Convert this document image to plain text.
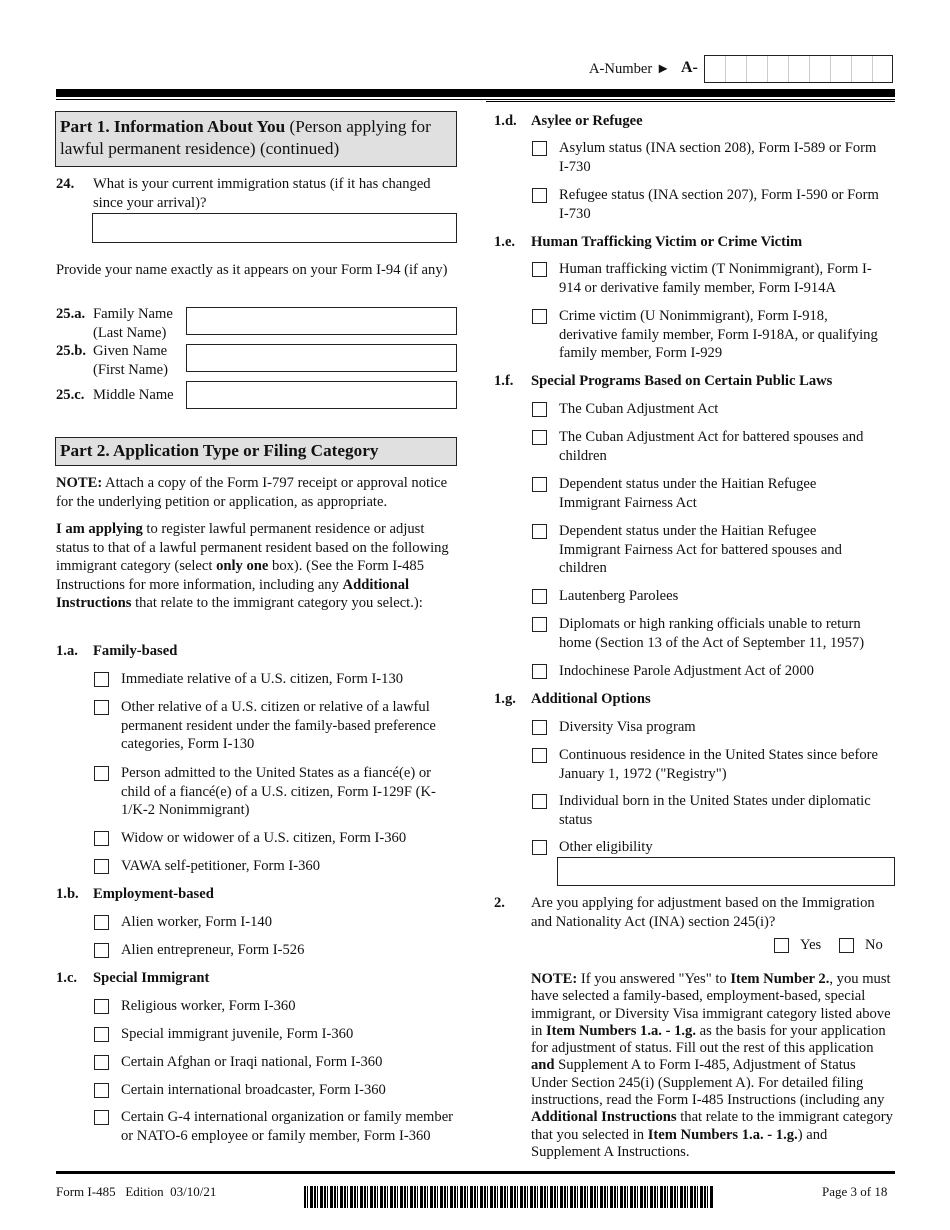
A-Number ► A-
Part 1. Information About You (Person applying for lawful permanent residence) (continued)
24. What is your current immigration status (if it has changed since your arrival)?
Provide your name exactly as it appears on your Form I-94 (if any)
25.a. Family Name
(Last Name)
25.b. Given Name
(First Name)
25.c. Middle Name
Part 2. Application Type or Filing Category
NOTE: Attach a copy of the Form I-797 receipt or approval notice for the underlying petition or application, as appropriate.
I am applying to register lawful permanent residence or adjust status to that of a lawful permanent resident based on the following immigrant category (select only one box). (See the Form I-485 Instructions for more information, including any Additional Instructions that relate to the immigrant category you select.):
1.a. Family-based
Immediate relative of a U.S. citizen, Form I-130
Other relative of a U.S. citizen or relative of a lawful permanent resident under the family-based preference categories, Form I-130
Person admitted to the United States as a fiancé(e) or child of a fiancé(e) of a U.S. citizen, Form I-129F (K-1/K-2 Nonimmigrant)
Widow or widower of a U.S. citizen, Form I-360
VAWA self-petitioner, Form I-360
1.b. Employment-based
Alien worker, Form I-140
Alien entrepreneur, Form I-526
1.c. Special Immigrant
Religious worker, Form I-360
Special immigrant juvenile, Form I-360
Certain Afghan or Iraqi national, Form I-360
Certain international broadcaster, Form I-360
Certain G-4 international organization or family member or NATO-6 employee or family member, Form I-360
1.d. Asylee or Refugee
Asylum status (INA section 208), Form I-589 or Form I-730
Refugee status (INA section 207), Form I-590 or Form I-730
1.e. Human Trafficking Victim or Crime Victim
Human trafficking victim (T Nonimmigrant), Form I-914 or derivative family member, Form I-914A
Crime victim (U Nonimmigrant), Form I-918, derivative family member, Form I-918A, or qualifying family member, Form I-929
1.f. Special Programs Based on Certain Public Laws
The Cuban Adjustment Act
The Cuban Adjustment Act for battered spouses and children
Dependent status under the Haitian Refugee Immigrant Fairness Act
Dependent status under the Haitian Refugee Immigrant Fairness Act for battered spouses and children
Lautenberg Parolees
Diplomats or high ranking officials unable to return home (Section 13 of the Act of September 11, 1957)
Indochinese Parole Adjustment Act of 2000
1.g. Additional Options
Diversity Visa program
Continuous residence in the United States since before January 1, 1972 ("Registry")
Individual born in the United States under diplomatic status
Other eligibility
2. Are you applying for adjustment based on the Immigration and Nationality Act (INA) section 245(i)?
Yes	No
NOTE: If you answered "Yes" to Item Number 2., you must have selected a family-based, employment-based, special immigrant, or Diversity Visa immigrant category listed above in Item Numbers 1.a. - 1.g. as the basis for your application for adjustment of status. Fill out the rest of this application and Supplement A to Form I-485, Adjustment of Status Under Section 245(i) (Supplement A). For detailed filing instructions, read the Form I-485 Instructions (including any Additional Instructions that relate to the immigrant category that you selected in Item Numbers 1.a. - 1.g.) and Supplement A Instructions.
Form I-485   Edition  03/10/21	Page 3 of 18
